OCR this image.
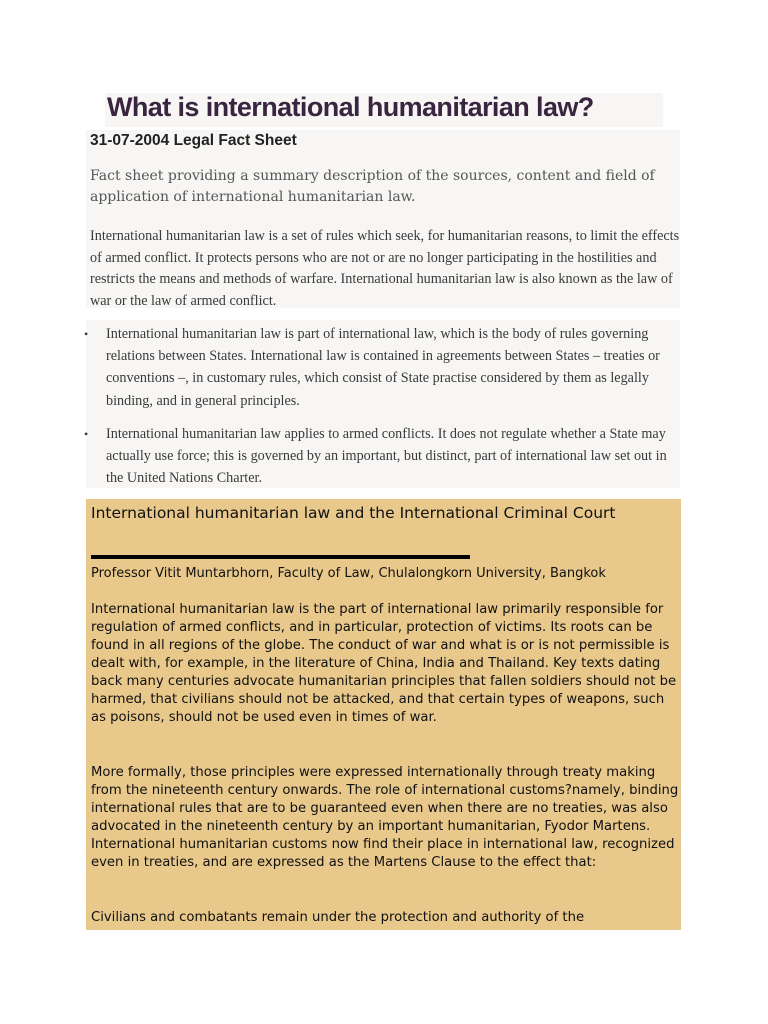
What is international humanitarian law?
31-07-2004 Legal Fact Sheet

Fact sheet providing a summary description of the sources, content and field of application of international humanitarian law.

International humanitarian law is a set of rules which seek, for humanitarian reasons, to limit the effects of armed conflict. It protects persons who are not or are no longer participating in the hostilities and restricts the means and methods of warfare. International humanitarian law is also known as the law of war or the law of armed conflict.

• International humanitarian law is part of international law, which is the body of rules governing relations between States. International law is contained in agreements between States – treaties or conventions –, in customary rules, which consist of State practise considered by them as legally binding, and in general principles.
• International humanitarian law applies to armed conflicts. It does not regulate whether a State may actually use force; this is governed by an important, but distinct, part of international law set out in the United Nations Charter.
International humanitarian law and the International Criminal Court
Professor Vitit Muntarbhorn, Faculty of Law, Chulalongkorn University, Bangkok

International humanitarian law is the part of international law primarily responsible for regulation of armed conflicts, and in particular, protection of victims. Its roots can be found in all regions of the globe. The conduct of war and what is or is not permissible is dealt with, for example, in the literature of China, India and Thailand. Key texts dating back many centuries advocate humanitarian principles that fallen soldiers should not be harmed, that civilians should not be attacked, and that certain types of weapons, such as poisons, should not be used even in times of war.

More formally, those principles were expressed internationally through treaty making from the nineteenth century onwards. The role of international customs?namely, binding international rules that are to be guaranteed even when there are no treaties, was also advocated in the nineteenth century by an important humanitarian, Fyodor Martens. International humanitarian customs now find their place in international law, recognized even in treaties, and are expressed as the Martens Clause to the effect that:

Civilians and combatants remain under the protection and authority of the
